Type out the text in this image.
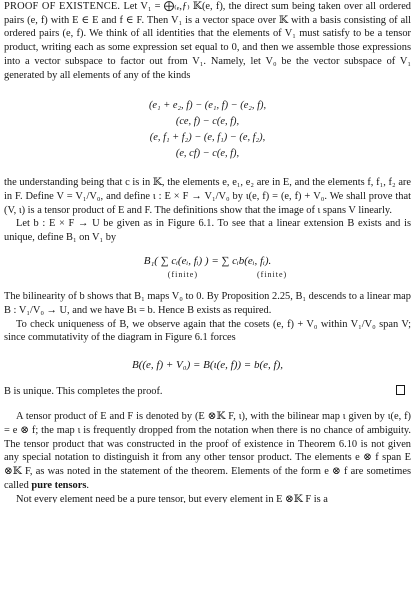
PROOF OF EXISTENCE. Let V₁ = ⨁₍ₑ,ƒ₎ 𝕂(e, f), the direct sum being taken over all ordered pairs (e, f) with E ∈ E and f ∈ F. Then V₁ is a vector space over 𝕂 with a basis consisting of all ordered pairs (e, f). We think of all identities that the elements of V₁ must satisfy to be a tensor product, writing each as some expression set equal to 0, and then we assemble those expressions into a vector subspace to factor out from V₁. Namely, let V₀ be the vector subspace of V₁ generated by all elements of any of the kinds

(e₁ + e₂, f) − (e₁, f) − (e₂, f),
(ce, f) − c(e, f),
(e, f₁ + f₂) − (e, f₁) − (e, f₂),
(e, cf) − c(e, f),

the understanding being that c is in 𝕂, the elements e, e₁, e₂ are in E, and the elements f, f₁, f₂ are in F. Define V = V₁/V₀, and define ι : E × F → V₁/V₀ by ι(e, f) = (e, f) + V₀. We shall prove that (V, ι) is a tensor product of E and F. The definitions show that the image of ι spans V linearly.

Let b : E × F → U be given as in Figure 6.1. To see that a linear extension B exists and is unique, define B₁ on V₁ by

B₁( ∑ cᵢ(eᵢ, fᵢ) ) = ∑ cᵢb(eᵢ, fᵢ).
(finite)	(finite)

The bilinearity of b shows that B₁ maps V₀ to 0. By Proposition 2.25, B₁ descends to a linear map B : V₁/V₀ → U, and we have Bι = b. Hence B exists as required.

To check uniqueness of B, we observe again that the cosets (e, f) + V₀ within V₁/V₀ span V; since commutativity of the diagram in Figure 6.1 forces

B((e, f) + V₀) = B(ι(e, f)) = b(e, f),

B is unique. This completes the proof.

A tensor product of E and F is denoted by (E ⊗𝕂 F, ι), with the bilinear map ι given by ι(e, f) = e ⊗ f; the map ι is frequently dropped from the notation when there is no chance of ambiguity. The tensor product that was constructed in the proof of existence in Theorem 6.10 is not given any special notation to distinguish it from any other tensor product. The elements e ⊗ f span E ⊗𝕂 F, as was noted in the statement of the theorem. Elements of the form e ⊗ f are sometimes called pure tensors.

Not every element need be a pure tensor, but every element in E ⊗𝕂 F is a
